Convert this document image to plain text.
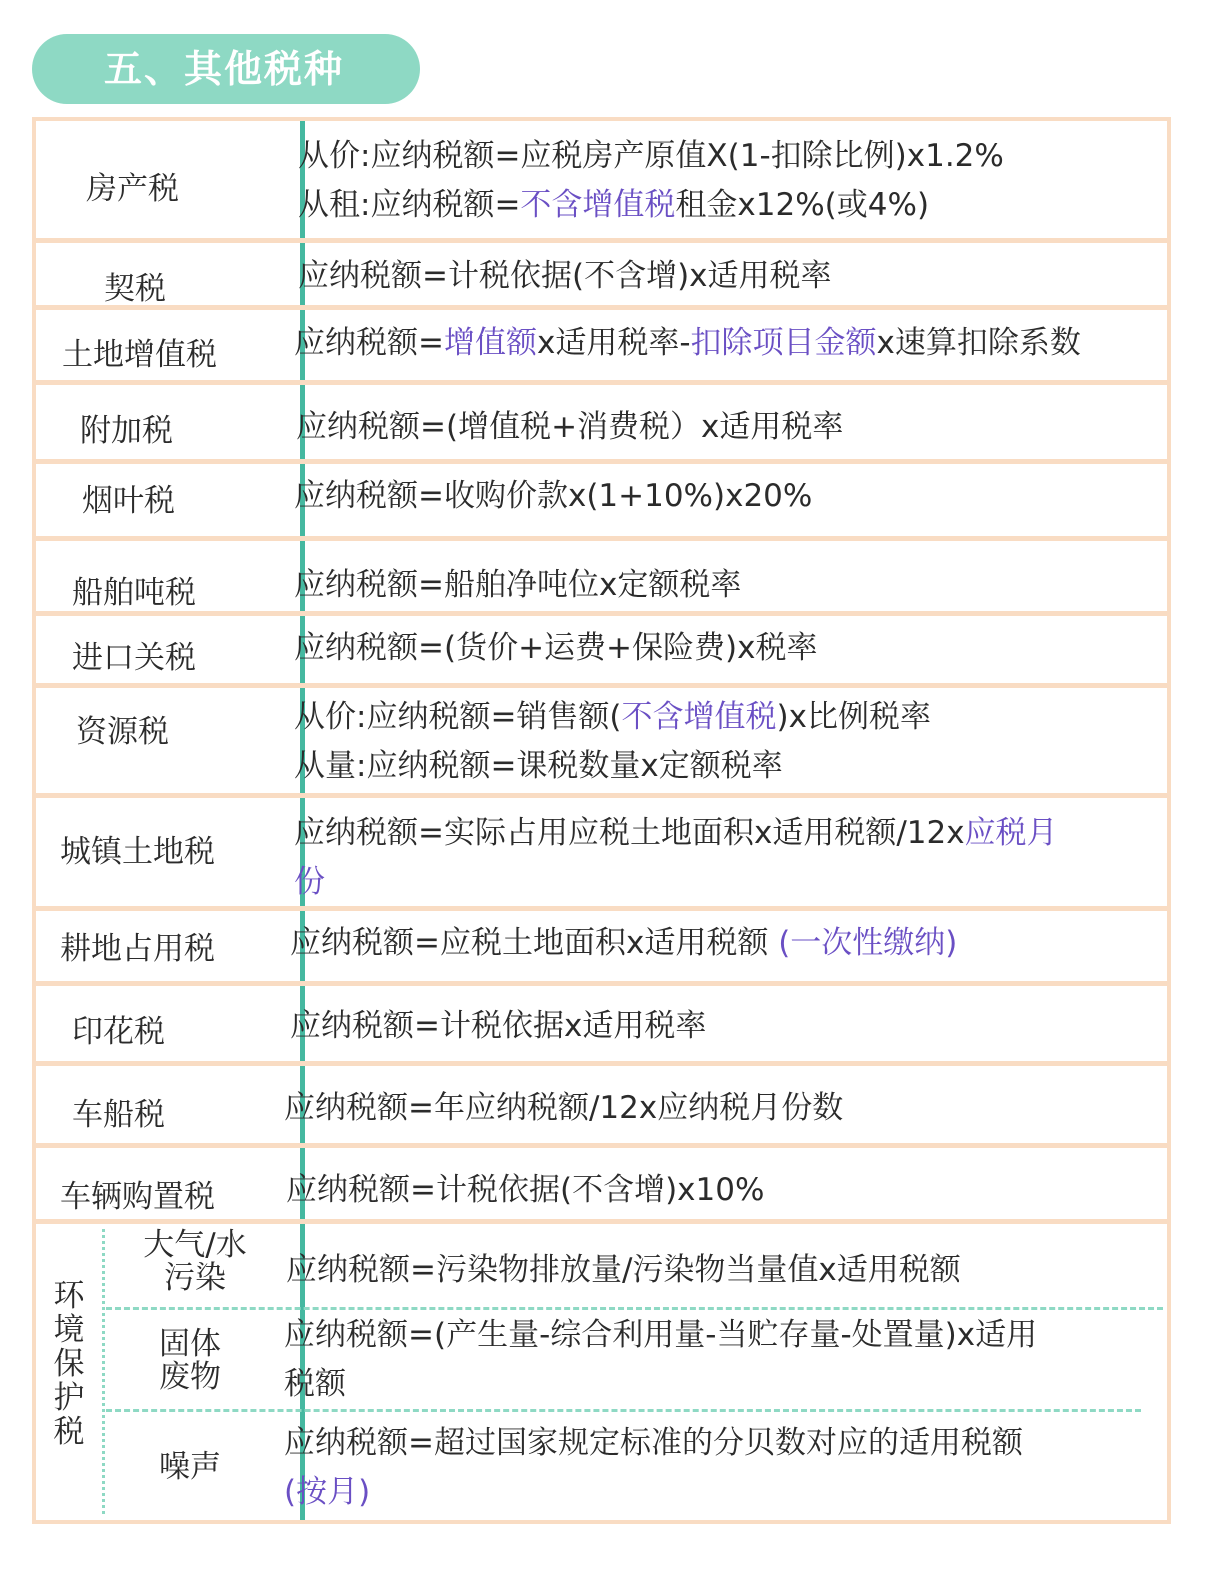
五、其他税种
房产税
契税
土地增值税
附加税
烟叶税
船舶吨税
进口关税
资源税
城镇土地税
耕地占用税
印花税
车船税
车辆购置税
从价:应纳税额=应税房产原值X(1-扣除比例)x1.2%
从租:应纳税额=不含增值税租金x12%(或4%)
应纳税额=计税依据(不含增)x适用税率
应纳税额=增值额x适用税率-扣除项目金额x速算扣除系数
应纳税额=(增值税+消费税）x适用税率
应纳税额=收购价款x(1+10%)x20%
应纳税额=船舶净吨位x定额税率
应纳税额=(货价+运费+保险费)x税率
从价:应纳税额=销售额(不含增值税)x比例税率
从量:应纳税额=课税数量x定额税率
应纳税额=实际占用应税土地面积x适用税额/12x应税月
份
应纳税额=应税土地面积x适用税额 (一次性缴纳)
应纳税额=计税依据x适用税率
应纳税额=年应纳税额/12x应纳税月份数
应纳税额=计税依据(不含增)x10%
环境保护税
大气/水
污染
固体
废物
噪声
应纳税额=污染物排放量/污染物当量值x适用税额
应纳税额=(产生量-综合利用量-当贮存量-处置量)x适用
税额
应纳税额=超过国家规定标准的分贝数对应的适用税额
(按月)
